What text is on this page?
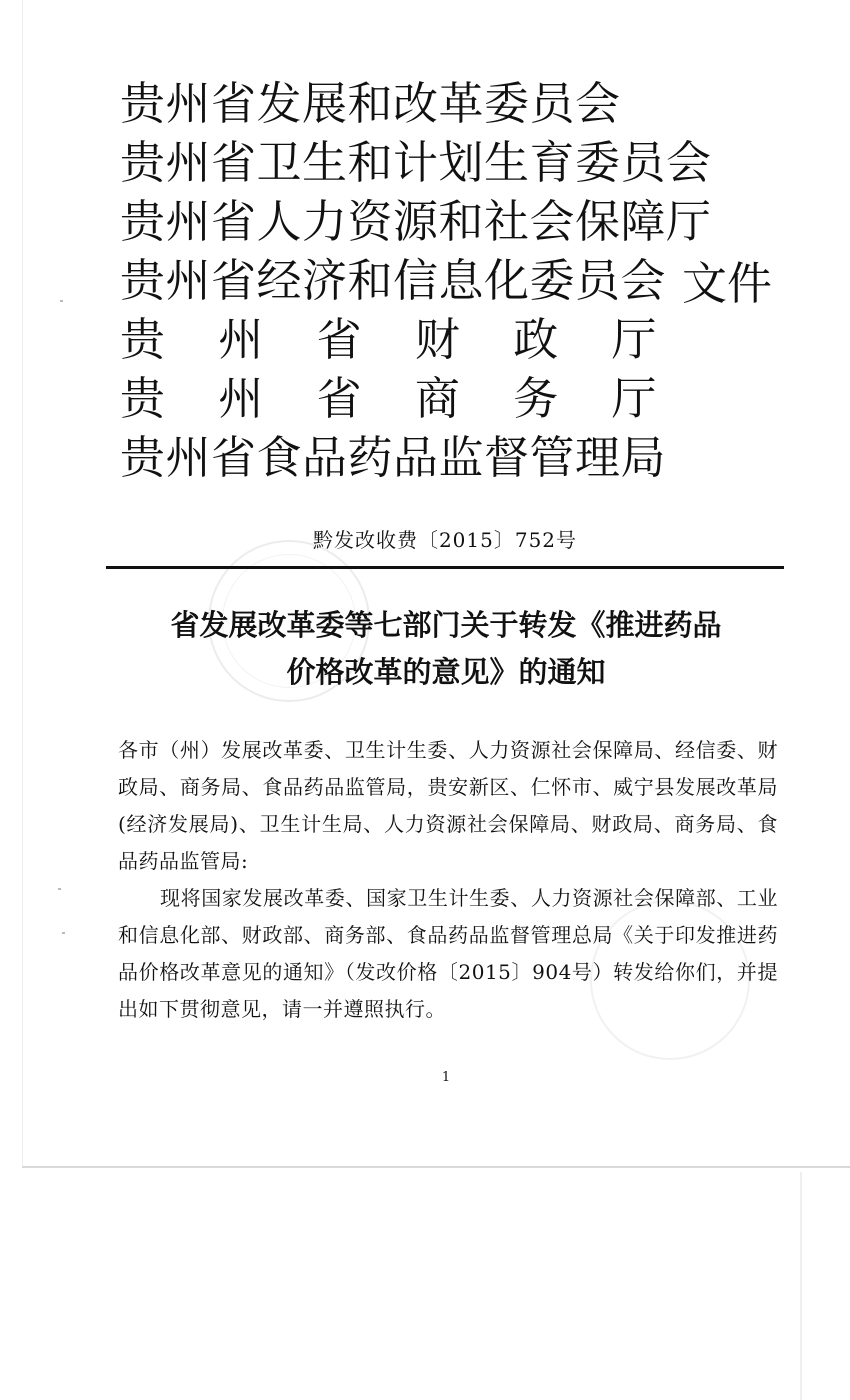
贵州省发展和改革委员会
贵州省卫生和计划生育委员会
贵州省人力资源和社会保障厅
贵州省经济和信息化委员会
贵 州 省 财 政 厅
贵 州 省 商 务 厅
贵州省食品药品监督管理局
文件
黔发改收费〔2015〕752号
省发展改革委等七部门关于转发《推进药品
价格改革的意见》的通知

各市（州）发展改革委、卫生计生委、人力资源社会保障局、经信委、财政局、商务局、食品药品监管局，贵安新区、仁怀市、威宁县发展改革局(经济发展局)、卫生计生局、人力资源社会保障局、财政局、商务局、食品药品监管局:

现将国家发展改革委、国家卫生计生委、人力资源社会保障部、工业和信息化部、财政部、商务部、食品药品监督管理总局《关于印发推进药品价格改革意见的通知》（发改价格〔2015〕904号）转发给你们，并提出如下贯彻意见，请一并遵照执行。

1
